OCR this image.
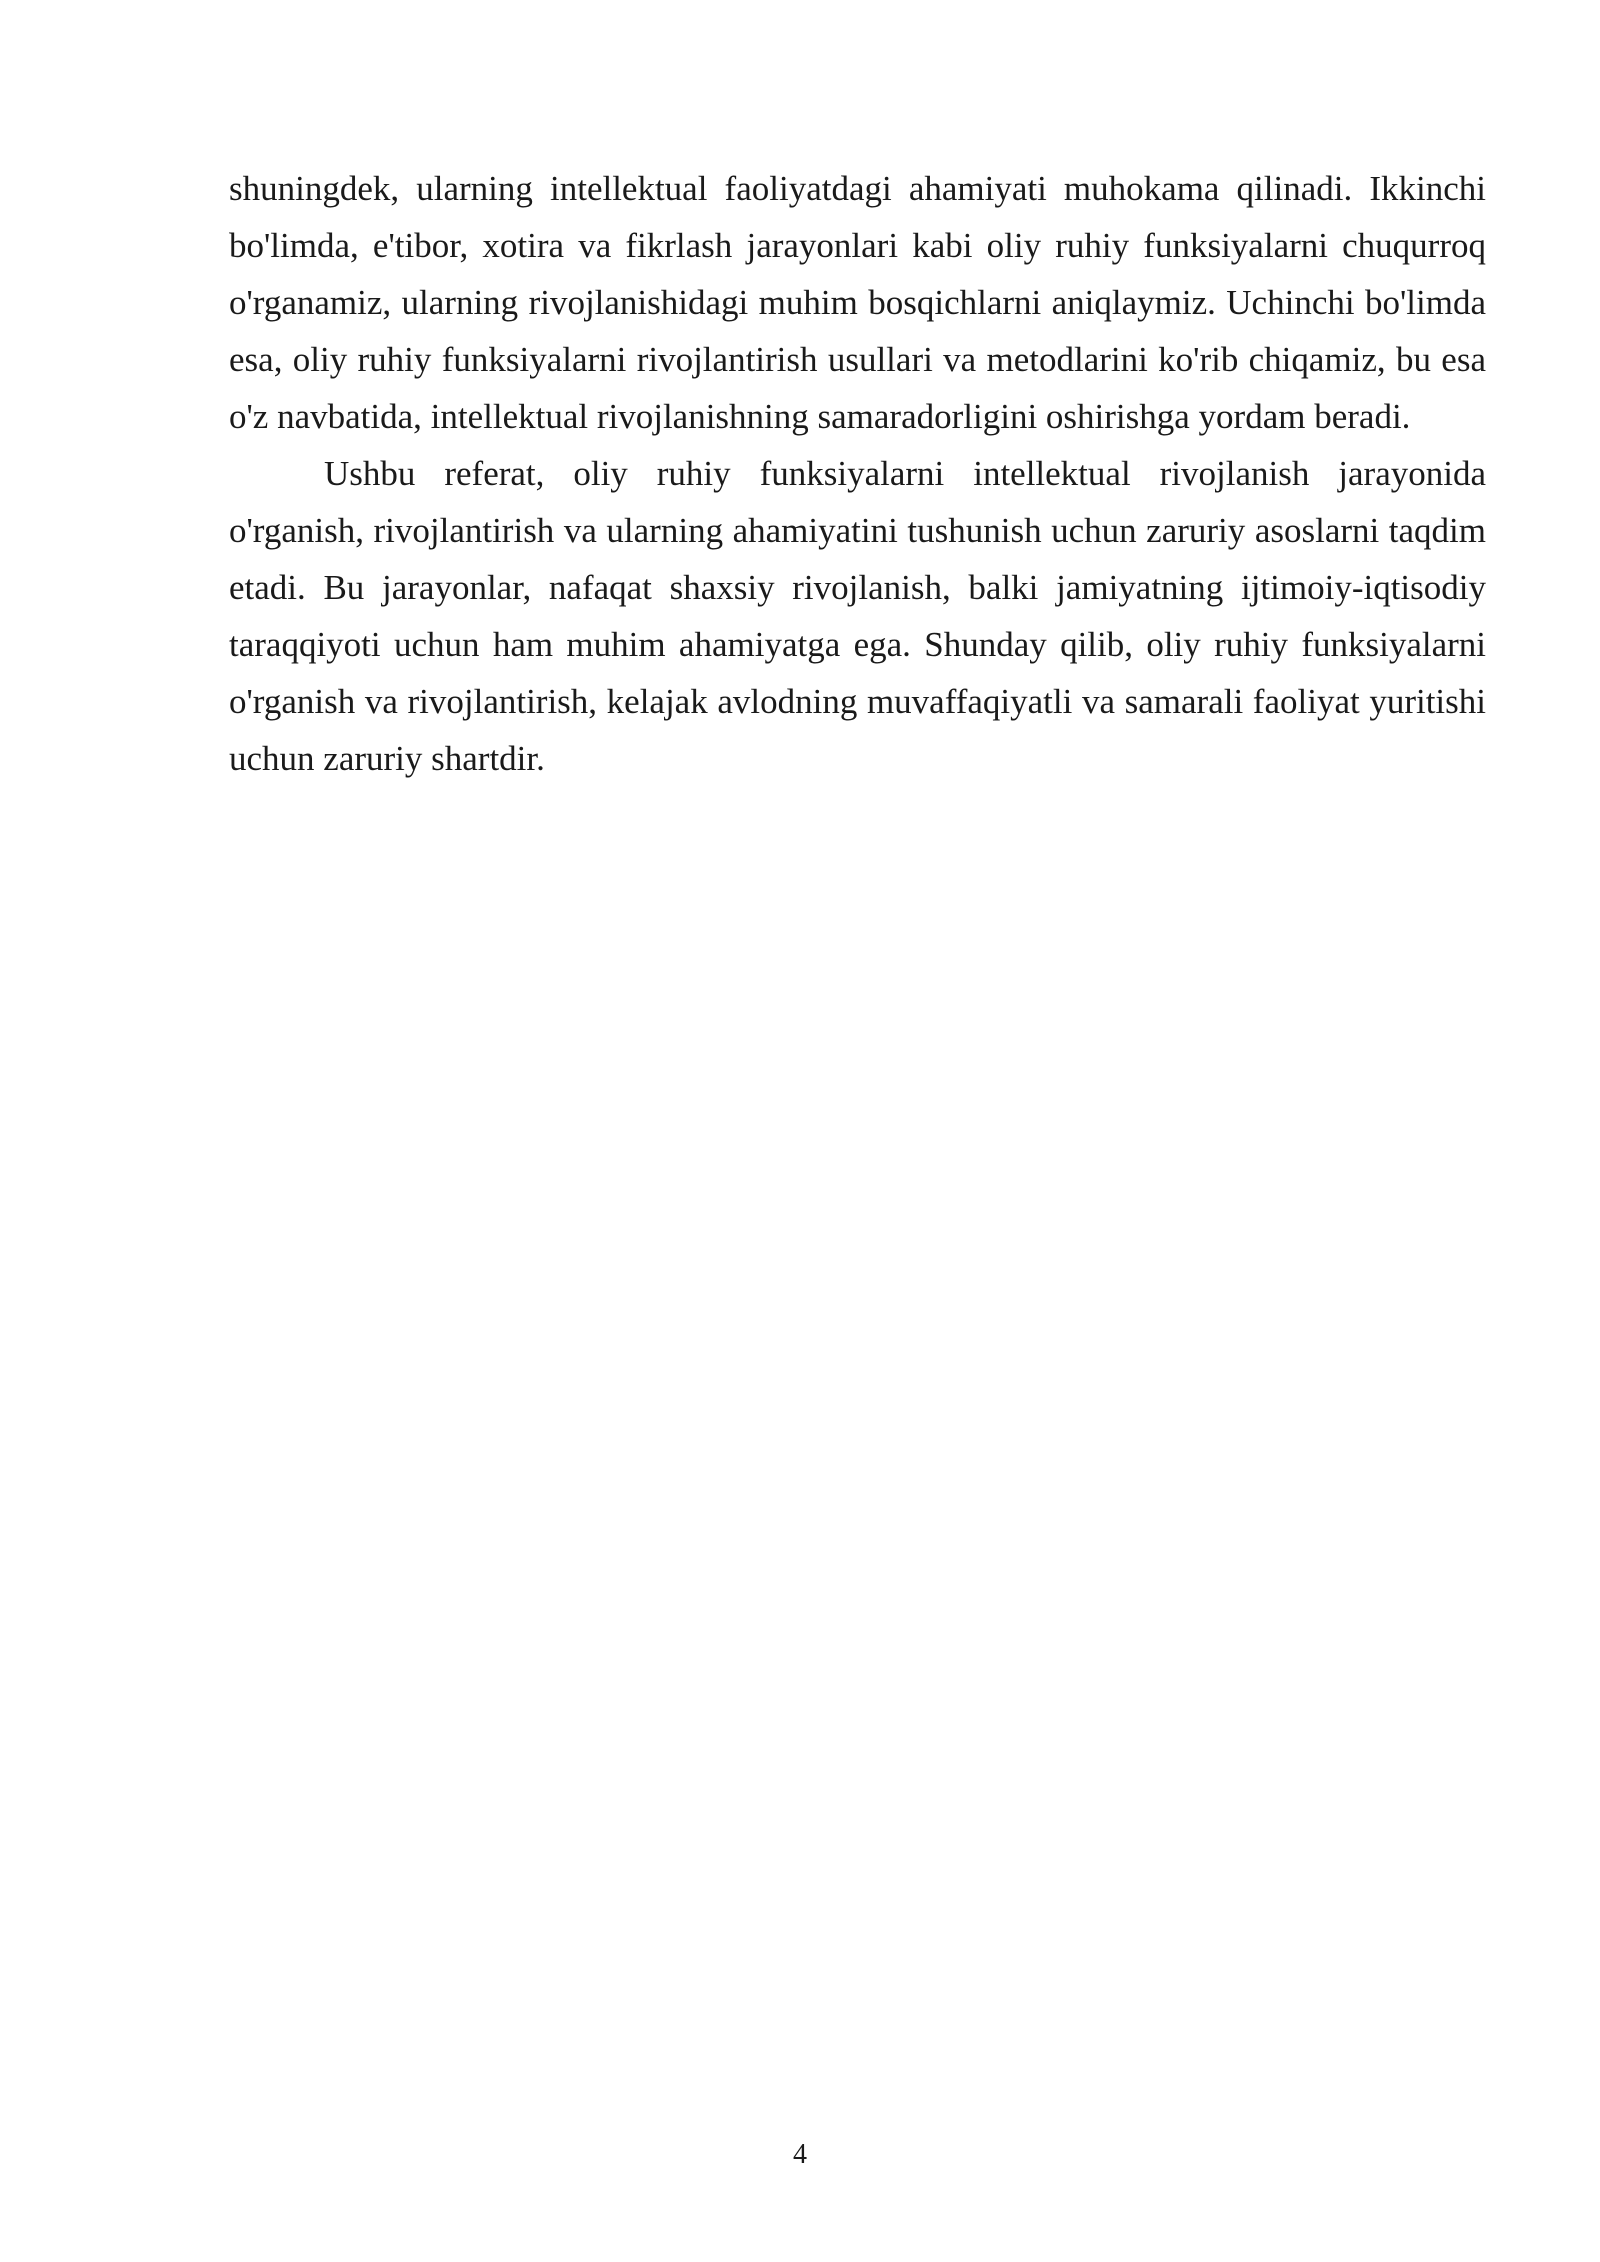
shuningdek, ularning intellektual faoliyatdagi ahamiyati muhokama qilinadi. Ikkinchi bo'limda, e'tibor, xotira va fikrlash jarayonlari kabi oliy ruhiy funksiyalarni chuqurroq o'rganamiz, ularning rivojlanishidagi muhim bosqichlarni aniqlaymiz. Uchinchi bo'limda esa, oliy ruhiy funksiyalarni rivojlantirish usullari va metodlarini ko'rib chiqamiz, bu esa o'z navbatida, intellektual rivojlanishning samaradorligini oshirishga yordam beradi.

Ushbu referat, oliy ruhiy funksiyalarni intellektual rivojlanish jarayonida o'rganish, rivojlantirish va ularning ahamiyatini tushunish uchun zaruriy asoslarni taqdim etadi. Bu jarayonlar, nafaqat shaxsiy rivojlanish, balki jamiyatning ijtimoiy-iqtisodiy taraqqiyoti uchun ham muhim ahamiyatga ega. Shunday qilib, oliy ruhiy funksiyalarni o'rganish va rivojlantirish, kelajak avlodning muvaffaqiyatli va samarali faoliyat yuritishi uchun zaruriy shartdir.

4
